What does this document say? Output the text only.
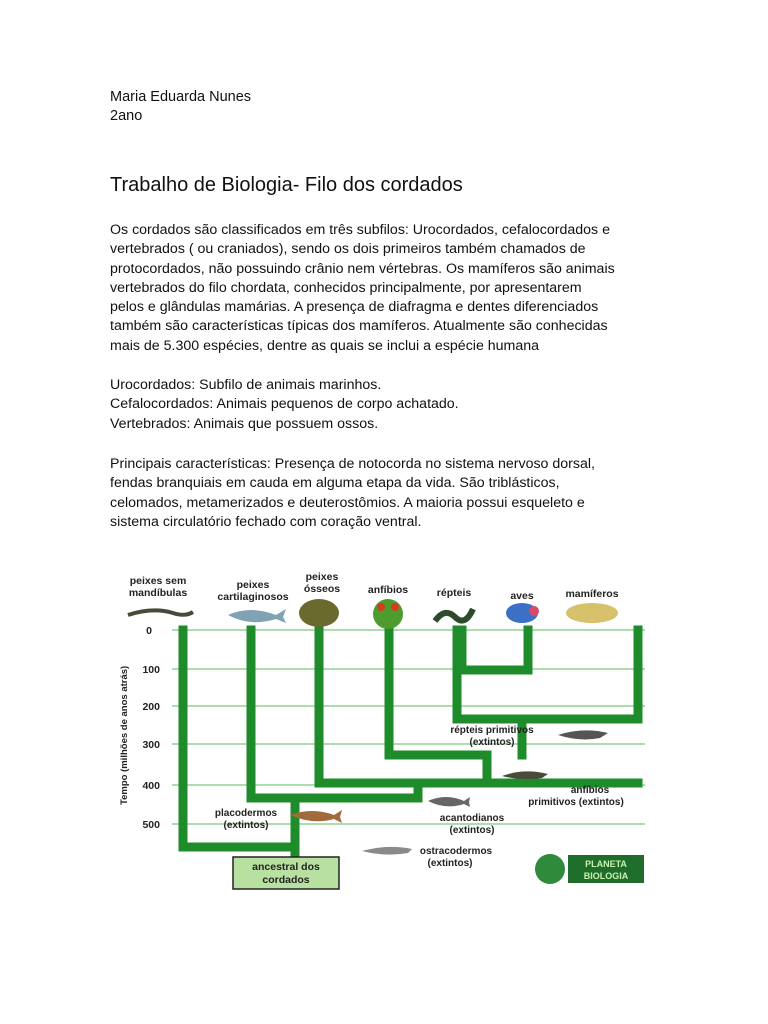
Maria Eduarda Nunes
2ano
Trabalho de Biologia- Filo dos cordados

Os cordados são classificados em três subfilos: Urocordados, cefalocordados e
vertebrados ( ou craniados), sendo os dois primeiros também chamados de
protocordados, não possuindo crânio nem vértebras. Os mamíferos são animais
vertebrados do filo chordata, conhecidos principalmente, por apresentarem
pelos e glândulas mamárias. A presença de diafragma e dentes diferenciados
também são características típicas dos mamíferos. Atualmente são conhecidas
mais de 5.300 espécies, dentre as quais se inclui a espécie humana

Urocordados: Subfilo de animais marinhos.
Cefalocordados: Animais pequenos de corpo achatado.
Vertebrados: Animais que possuem ossos.

Principais características: Presença de notocorda no sistema nervoso dorsal,
fendas branquiais em cauda em alguma etapa da vida. São triblásticos,
celomados, metamerizados e deuterostômios. A maioria possui esqueleto e
sistema circulatório fechado com coração ventral.

Tempo (milhões de anos atrás)
0
100
200
300
400
500
peixes sem
mandíbulas
peixes
cartilaginosos
peixes
ósseos	anfíbios	répteis	aves	mamíferos
répteis primitivos
(extintos)
anfíbios
primitivos (extintos)
placodermos
(extintos)
acantodianos
(extintos)
ostracodermos
(extintos)
ancestral dos
cordados
PLANETA
BIOLOGIA
